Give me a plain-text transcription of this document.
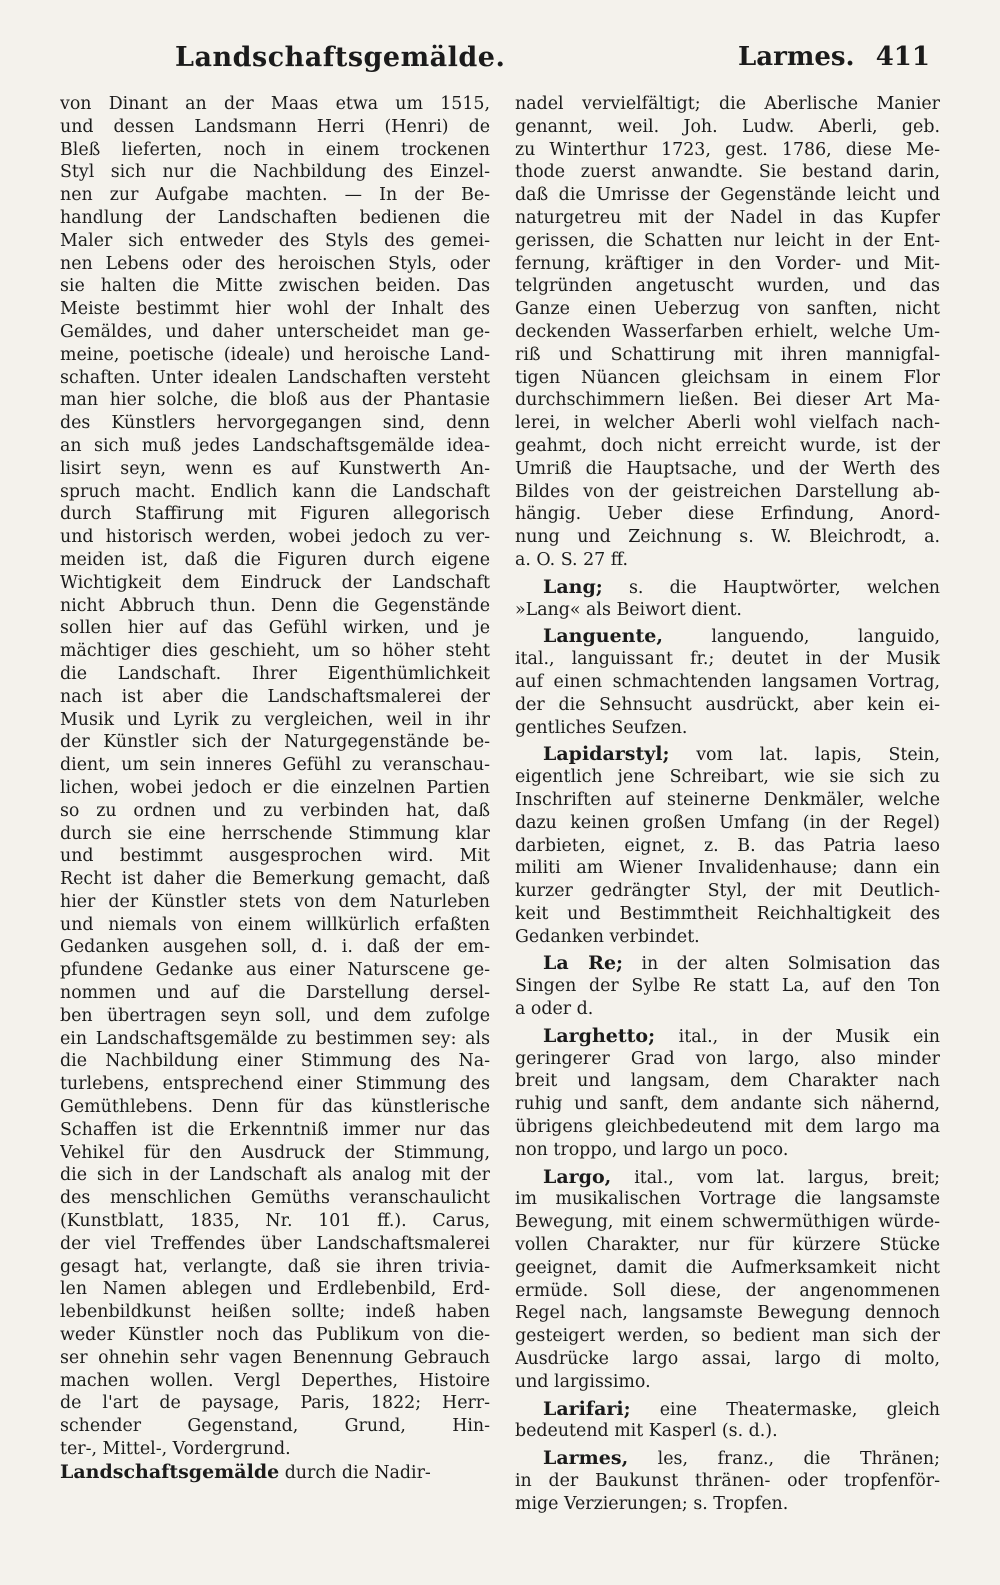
Landschaftsgemälde.	Larmes. 411
von Dinant an der Maas etwa um 1515,
und dessen Landsmann Herri (Henri) de
Bleß lieferten, noch in einem trockenen
Styl sich nur die Nachbildung des Einzel-
nen zur Aufgabe machten. — In der Be-
handlung der Landschaften bedienen die
Maler sich entweder des Styls des gemei-
nen Lebens oder des heroischen Styls, oder
sie halten die Mitte zwischen beiden. Das
Meiste bestimmt hier wohl der Inhalt des
Gemäldes, und daher unterscheidet man ge-
meine, poetische (ideale) und heroische Land-
schaften. Unter idealen Landschaften versteht
man hier solche, die bloß aus der Phantasie
des Künstlers hervorgegangen sind, denn
an sich muß jedes Landschaftsgemälde idea-
lisirt seyn, wenn es auf Kunstwerth An-
spruch macht. Endlich kann die Landschaft
durch Staffirung mit Figuren allegorisch
und historisch werden, wobei jedoch zu ver-
meiden ist, daß die Figuren durch eigene
Wichtigkeit dem Eindruck der Landschaft
nicht Abbruch thun. Denn die Gegenstände
sollen hier auf das Gefühl wirken, und je
mächtiger dies geschieht, um so höher steht
die Landschaft. Ihrer Eigenthümlichkeit
nach ist aber die Landschaftsmalerei der
Musik und Lyrik zu vergleichen, weil in ihr
der Künstler sich der Naturgegenstände be-
dient, um sein inneres Gefühl zu veranschau-
lichen, wobei jedoch er die einzelnen Partien
so zu ordnen und zu verbinden hat, daß
durch sie eine herrschende Stimmung klar
und bestimmt ausgesprochen wird. Mit
Recht ist daher die Bemerkung gemacht, daß
hier der Künstler stets von dem Naturleben
und niemals von einem willkürlich erfaßten
Gedanken ausgehen soll, d. i. daß der em-
pfundene Gedanke aus einer Naturscene ge-
nommen und auf die Darstellung dersel-
ben übertragen seyn soll, und dem zufolge
ein Landschaftsgemälde zu bestimmen sey: als
die Nachbildung einer Stimmung des Na-
turlebens, entsprechend einer Stimmung des
Gemüthlebens. Denn für das künstlerische
Schaffen ist die Erkenntniß immer nur das
Vehikel für den Ausdruck der Stimmung,
die sich in der Landschaft als analog mit der
des menschlichen Gemüths veranschaulicht
(Kunstblatt, 1835, Nr. 101 ff.). Carus,
der viel Treffendes über Landschaftsmalerei
gesagt hat, verlangte, daß sie ihren trivia-
len Namen ablegen und Erdlebenbild, Erd-
lebenbildkunst heißen sollte; indeß haben
weder Künstler noch das Publikum von die-
ser ohnehin sehr vagen Benennung Gebrauch
machen wollen. Vergl Deperthes, Histoire
de l'art de paysage, Paris, 1822; Herr-
schender Gegenstand, Grund, Hin-
ter-, Mittel-, Vordergrund.
Landschaftsgemälde durch die Nadir-
nadel vervielfältigt; die Aberlische Manier
genannt, weil. Joh. Ludw. Aberli, geb.
zu Winterthur 1723, gest. 1786, diese Me-
thode zuerst anwandte. Sie bestand darin,
daß die Umrisse der Gegenstände leicht und
naturgetreu mit der Nadel in das Kupfer
gerissen, die Schatten nur leicht in der Ent-
fernung, kräftiger in den Vorder- und Mit-
telgründen angetuscht wurden, und das
Ganze einen Ueberzug von sanften, nicht
deckenden Wasserfarben erhielt, welche Um-
riß und Schattirung mit ihren mannigfal-
tigen Nüancen gleichsam in einem Flor
durchschimmern ließen. Bei dieser Art Ma-
lerei, in welcher Aberli wohl vielfach nach-
geahmt, doch nicht erreicht wurde, ist der
Umriß die Hauptsache, und der Werth des
Bildes von der geistreichen Darstellung ab-
hängig. Ueber diese Erfindung, Anord-
nung und Zeichnung s. W. Bleichrodt, a.
a. O. S. 27 ff.
Lang; s. die Hauptwörter, welchen
»Lang« als Beiwort dient.
Languente, languendo, languido,
ital., languissant fr.; deutet in der Musik
auf einen schmachtenden langsamen Vortrag,
der die Sehnsucht ausdrückt, aber kein ei-
gentliches Seufzen.
Lapidarstyl; vom lat. lapis, Stein,
eigentlich jene Schreibart, wie sie sich zu
Inschriften auf steinerne Denkmäler, welche
dazu keinen großen Umfang (in der Regel)
darbieten, eignet, z. B. das Patria laeso
militi am Wiener Invalidenhause; dann ein
kurzer gedrängter Styl, der mit Deutlich-
keit und Bestimmtheit Reichhaltigkeit des
Gedanken verbindet.
La Re; in der alten Solmisation das
Singen der Sylbe Re statt La, auf den Ton
a oder d.
Larghetto; ital., in der Musik ein
geringerer Grad von largo, also minder
breit und langsam, dem Charakter nach
ruhig und sanft, dem andante sich nähernd,
übrigens gleichbedeutend mit dem largo ma
non troppo, und largo un poco.
Largo, ital., vom lat. largus, breit;
im musikalischen Vortrage die langsamste
Bewegung, mit einem schwermüthigen würde-
vollen Charakter, nur für kürzere Stücke
geeignet, damit die Aufmerksamkeit nicht
ermüde. Soll diese, der angenommenen
Regel nach, langsamste Bewegung dennoch
gesteigert werden, so bedient man sich der
Ausdrücke largo assai, largo di molto,
und largissimo.
Larifari; eine Theatermaske, gleich
bedeutend mit Kasperl (s. d.).
Larmes, les, franz., die Thränen;
in der Baukunst thränen- oder tropfenför-
mige Verzierungen; s. Tropfen.
